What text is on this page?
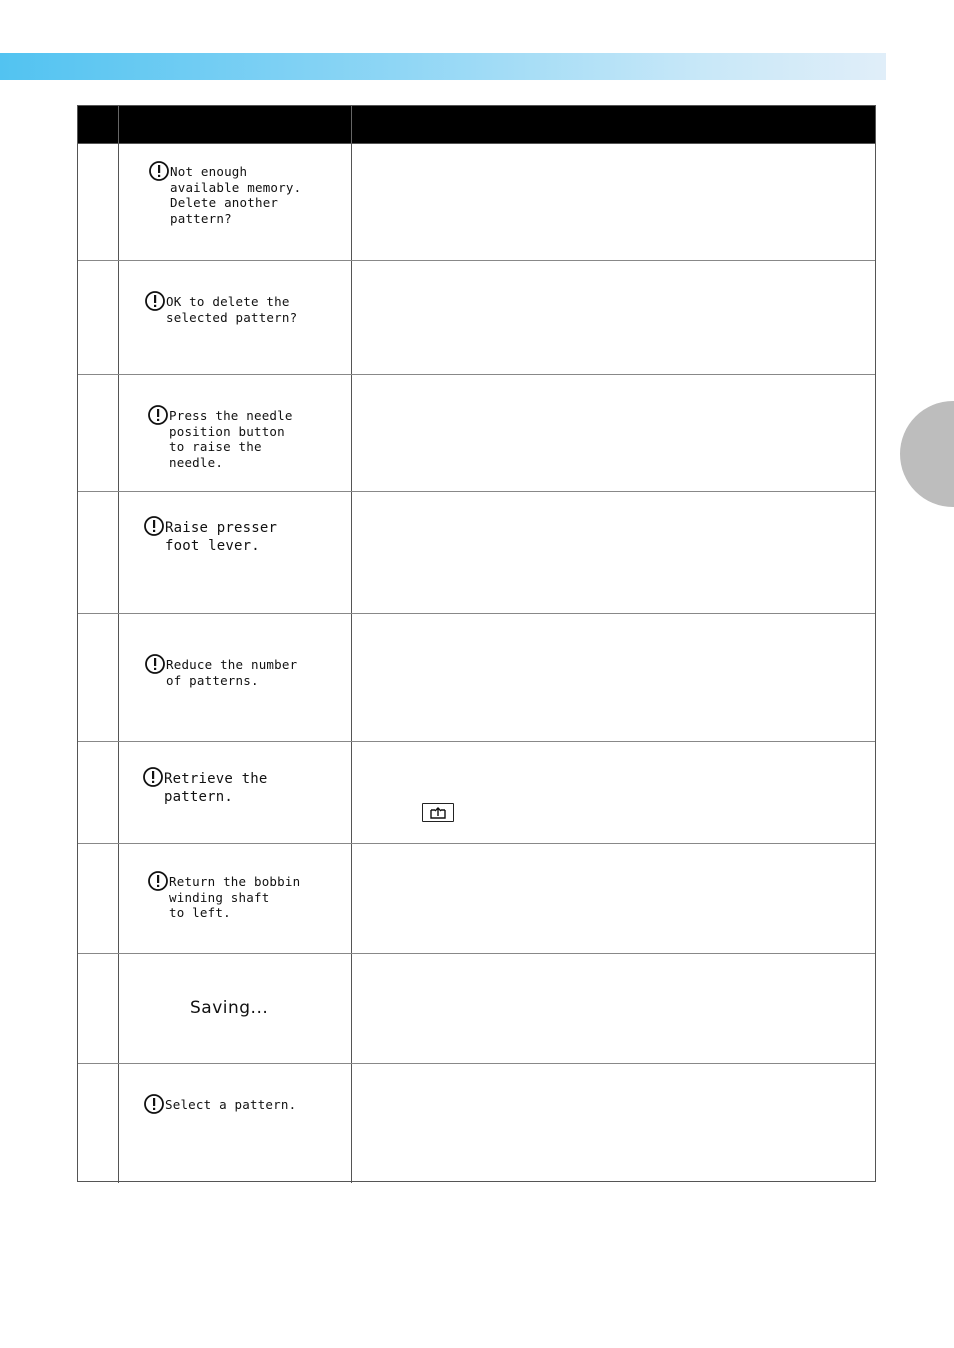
Not enough
available memory.
Delete another
pattern?
OK to delete the
selected pattern?
Press the needle
position button
to raise the
needle.
Raise presser
foot lever.
Reduce the number
of patterns.
Retrieve the
pattern.
Return the bobbin
winding shaft
to left.
Saving...
Select a pattern.
